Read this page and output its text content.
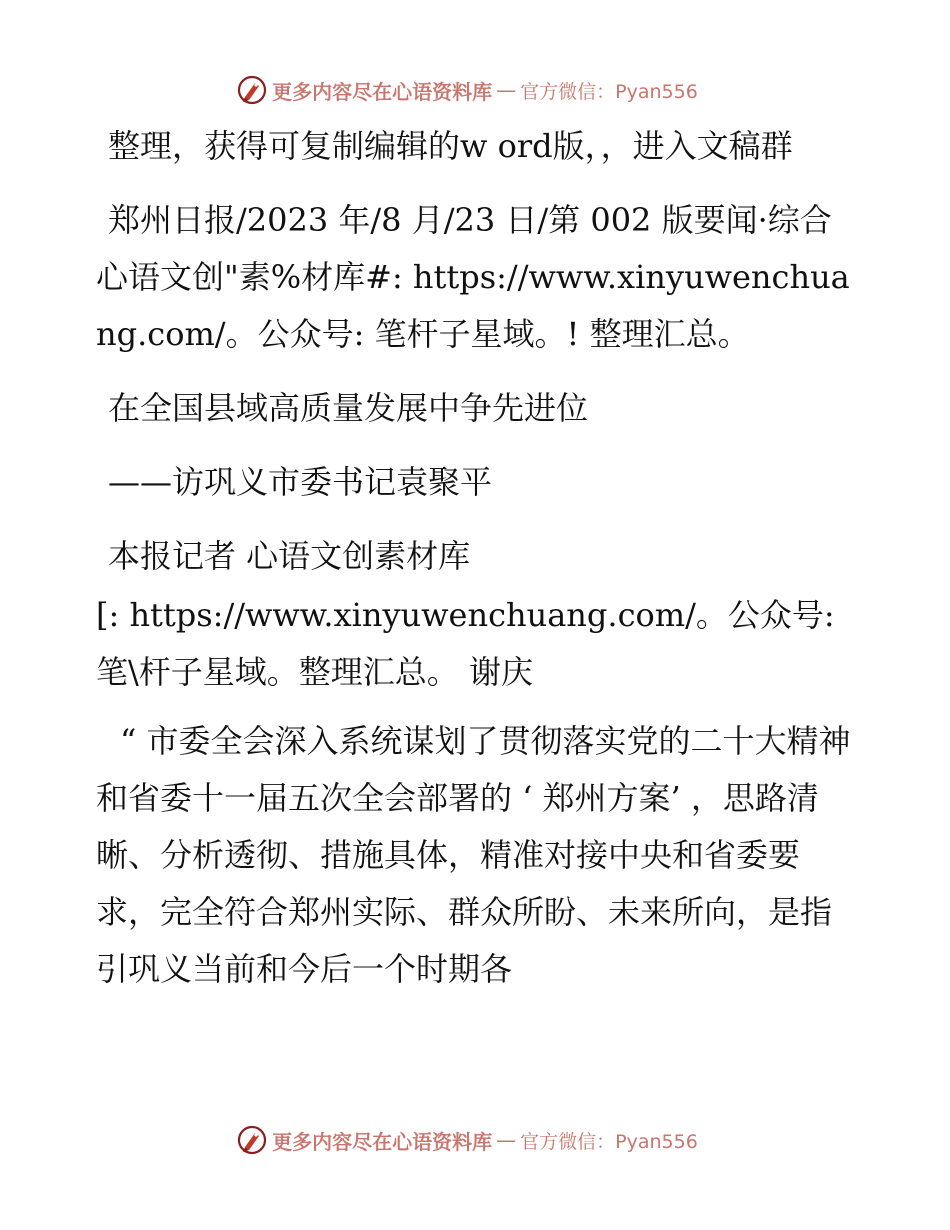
更多内容尽在心语资料库 — 官方微信：Pyan556

整理，获得可复制编辑的w ord版，，进入文稿群

郑州日报/2023 年/8 月/23 日/第 002 版要闻·综合心语文创"素%材库#: https://www.xinyuwenchuang.com/。公众号: 笔杆子星域。! 整理汇总。

在全国县域高质量发展中争先进位

——访巩义市委书记袁聚平

本报记者 心语文创素材库

[: https://www.xinyuwenchuang.com/。公众号: 笔\杆子星域。整理汇总。 谢庆

“ 市委全会深入系统谋划了贯彻落实党的二十大精神和省委十一届五次全会部署的 ‘ 郑州方案’ ，思路清晰、分析透彻、措施具体，精准对接中央和省委要求，完全符合郑州实际、群众所盼、未来所向，是指引巩义当前和今后一个时期各

更多内容尽在心语资料库 — 官方微信：Pyan556
